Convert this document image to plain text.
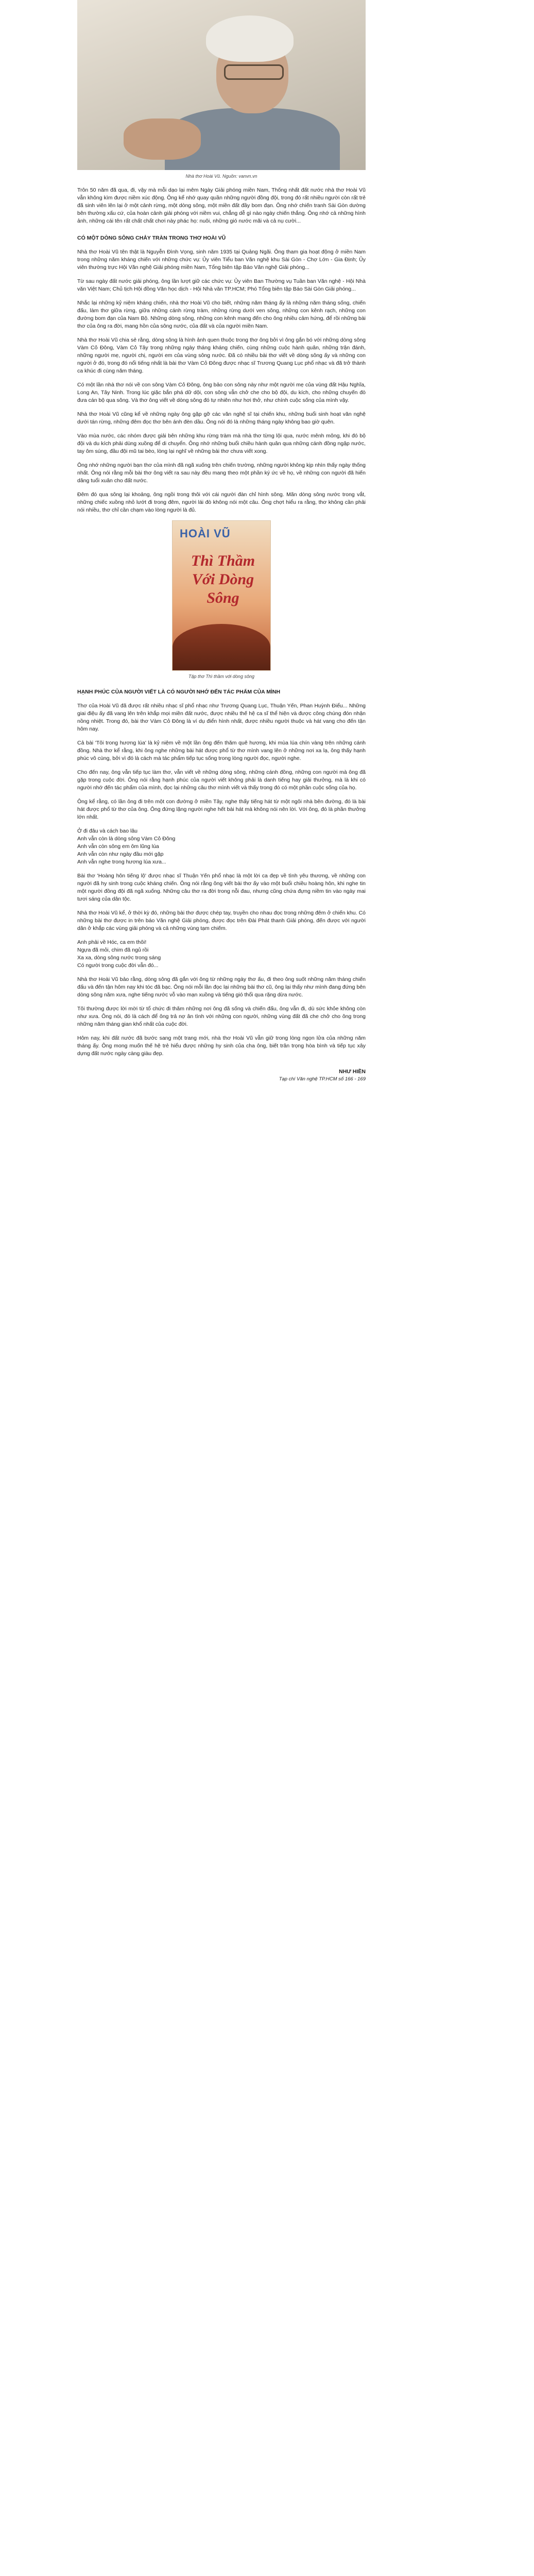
Nhà thơ Hoài Vũ. Nguồn: vanvn.vn

Trôn 50 năm đã qua, đi, vậy mà mỗi dạo lại mêm Ngày Giải phóng miền Nam, Thống nhất đất nước nhà thơ Hoài Vũ vẫn không kìm được niềm xúc động. Ông kể nhớ quay quần những người đồng đội, trong đó rất nhiều người còn rất trẻ đã sinh viên lên lại ở một cảnh rừng, một dòng sông, một miền đất đầy bom đạn. Ông nhớ chiến tranh Sài Gòn dường bên thường xấu cứ, của hoàn cảnh giải phóng với niềm vui, chẳng dễ gì nào ngày chiến thắng. Ông nhớ cả những hình ảnh, những cái tên rất chất chất chơi này phác họ: nuôi, những gió nước mãi và cả nụ cười...

CÓ MỘT DÒNG SÔNG CHẢY TRÀN TRONG THƠ HOÀI VŨ

Nhà thơ Hoài Vũ tên thật là Nguyễn Đình Vọng, sinh năm 1935 tại Quảng Ngãi. Ông tham gia hoạt động ở miền Nam trong những năm kháng chiến với những chức vụ: Ủy viên Tiểu ban Văn nghệ khu Sài Gòn - Chợ Lớn - Gia Định; Ủy viên thường trực Hội Văn nghệ Giải phóng miền Nam, Tổng biên tập Báo Văn nghệ Giải phóng...

Từ sau ngày đất nước giải phóng, ông lần lượt giữ các chức vụ: Ủy viên Ban Thường vụ Tuần ban Văn nghệ - Hội Nhà văn Việt Nam; Chủ tịch Hội đồng Văn học dịch - Hội Nhà văn TP.HCM; Phó Tổng biên tập Báo Sài Gòn Giải phóng...

Nhắc lại những kỷ niệm kháng chiến, nhà thơ Hoài Vũ cho biết, những năm tháng ấy là những năm tháng sống, chiến đấu, làm thơ giữa rừng, giữa những cánh rừng tràm, những rừng dưới ven sông, những con kênh rạch, những con đường bom đạn của Nam Bộ. Những dòng sông, những con kênh mang đến cho ông nhiều cảm hứng, để rồi những bài thơ của ông ra đời, mang hồn của sông nước, của đất và của người miền Nam.

Nhà thơ Hoài Vũ chia sẻ rằng, dòng sông là hình ảnh quen thuộc trong thơ ông bởi vì ông gắn bó với những dòng sông Vàm Cỏ Đông, Vàm Cỏ Tây trong những ngày tháng kháng chiến, cùng những cuộc hành quân, những trận đánh, những người mẹ, người chị, người em của vùng sông nước. Đã có nhiều bài thơ viết về dòng sông ấy và những con người ở đó, trong đó nổi tiếng nhất là bài thơ Vàm Cỏ Đông được nhạc sĩ Trương Quang Lục phổ nhạc và đã trở thành ca khúc đi cùng năm tháng.

Có một lần nhà thơ nói về con sông Vàm Cỏ Đông, ông bảo con sông này như một người mẹ của vùng đất Hậu Nghĩa, Long An, Tây Ninh. Trong lúc giặc bắn phá dữ dội, con sông vẫn chở che cho bộ đội, du kích, cho những chuyến đò đưa cán bộ qua sông. Và thơ ông viết về dòng sông đó tự nhiên như hơi thở, như chính cuộc sống của mình vậy.

Nhà thơ Hoài Vũ cũng kể về những ngày ông gặp gỡ các văn nghệ sĩ tại chiến khu, những buổi sinh hoạt văn nghệ dưới tán rừng, những đêm đọc thơ bên ánh đèn dầu. Ông nói đó là những tháng ngày không bao giờ quên.

Vào mùa nước, các nhóm được giải bên những khu rừng tràm mà nhà thơ từng lội qua, nước mênh mông, khi đó bộ đội và du kích phải dùng xuồng để di chuyển. Ông nhớ những buổi chiều hành quân qua những cánh đồng ngập nước, tay ôm súng, đầu đội mũ tai bèo, lòng lại nghĩ về những bài thơ chưa viết xong.

Ông nhớ những người bạn thơ của mình đã ngã xuống trên chiến trường, những người không kịp nhìn thấy ngày thống nhất. Ông nói rằng mỗi bài thơ ông viết ra sau này đều mang theo một phần ký ức về họ, về những con người đã hiến dâng tuổi xuân cho đất nước.

Đêm đó qua sông lại khoảng, ông ngồi trong thôi với cái người đàn chỉ hình sông. Mãn dòng sông nước trong vắt, những chiếc xuồng nhỏ lướt đi trong đêm, người lái đò không nói một câu. Ông chợt hiểu ra rằng, thơ không cần phải nói nhiều, thơ chỉ cần chạm vào lòng người là đủ.

HOÀI VŨ
Thì Thầm Với Dòng Sông
Tập thơ Thì thầm với dòng sông
HẠNH PHÚC CỦA NGƯỜI VIẾT LÀ CÓ NGƯỜI NHỚ ĐẾN TÁC PHẨM CỦA MÌNH

Thơ của Hoài Vũ đã được rất nhiều nhạc sĩ phổ nhạc như Trương Quang Lục, Thuận Yến, Phan Huỳnh Điểu... Những giai điệu ấy đã vang lên trên khắp mọi miền đất nước, được nhiều thế hệ ca sĩ thể hiện và được công chúng đón nhận nồng nhiệt. Trong đó, bài thơ Vàm Cỏ Đông là ví dụ điển hình nhất, được nhiều người thuộc và hát vang cho đến tận hôm nay.

Cả bài 'Tôi trong hương lúa' là kỷ niệm về một lần ông đến thăm quê hương, khi mùa lúa chín vàng trên những cánh đồng. Nhà thơ kể rằng, khi ông nghe những bài hát được phổ từ thơ mình vang lên ở những nơi xa lạ, ông thấy hạnh phúc vô cùng, bởi vì đó là cách mà tác phẩm tiếp tục sống trong lòng người đọc, người nghe.

Cho đến nay, ông vẫn tiếp tục làm thơ, vẫn viết về những dòng sông, những cánh đồng, những con người mà ông đã gặp trong cuộc đời. Ông nói rằng hạnh phúc của người viết không phải là danh tiếng hay giải thưởng, mà là khi có người nhớ đến tác phẩm của mình, đọc lại những câu thơ mình viết và thấy trong đó có một phần cuộc sống của họ.

Ông kể rằng, có lần ông đi trên một con đường ở miền Tây, nghe thấy tiếng hát từ một ngôi nhà bên đường, đó là bài hát được phổ từ thơ của ông. Ông đứng lặng người nghe hết bài hát mà không nói nên lời. Với ông, đó là phần thưởng lớn nhất.

Ở đi đâu và cách bao lâu

Anh vẫn còn là dòng sông Vàm Cỏ Đông

Anh vẫn còn sông em ôm lũng lúa

Anh vẫn còn như ngày đầu mới gặp

Anh vẫn nghe trong hương lúa xưa...

Bài thơ 'Hoàng hôn tiếng lộ' được nhạc sĩ Thuận Yến phổ nhạc là một lời ca đẹp về tình yêu thương, về những con người đã hy sinh trong cuộc kháng chiến. Ông nói rằng ông viết bài thơ ấy vào một buổi chiều hoàng hôn, khi nghe tin một người đồng đội đã ngã xuống. Những câu thơ ra đời trong nỗi đau, nhưng cũng chứa đựng niềm tin vào ngày mai tươi sáng của dân tộc.

Nhà thơ Hoài Vũ kể, ở thời kỳ đó, những bài thơ được chép tay, truyền cho nhau đọc trong những đêm ở chiến khu. Có những bài thơ được in trên báo Văn nghệ Giải phóng, được đọc trên Đài Phát thanh Giải phóng, đến được với người dân ở khắp các vùng giải phóng và cả những vùng tạm chiếm.

Anh phải về Hóc, ca em thôi!

Ngựa đã mỏi, chim đã ngủ rồi

Xa xa, dòng sông nước trong sáng

Có người trong cuộc đời vẫn đó...

Nhà thơ Hoài Vũ bảo rằng, dòng sông đã gắn với ông từ những ngày thơ ấu, đi theo ông suốt những năm tháng chiến đấu và đến tận hôm nay khi tóc đã bạc. Ông nói mỗi lần đọc lại những bài thơ cũ, ông lại thấy như mình đang đứng bên dòng sông năm xưa, nghe tiếng nước vỗ vào mạn xuồng và tiếng gió thổi qua rặng dừa nước.

Tôi thường được lời mời từ tổ chức đi thăm những nơi ông đã sống và chiến đấu, ông vẫn đi, dù sức khỏe không còn như xưa. Ông nói, đó là cách để ông trả nợ ân tình với những con người, những vùng đất đã che chở cho ông trong những năm tháng gian khổ nhất của cuộc đời.

Hôm nay, khi đất nước đã bước sang một trang mới, nhà thơ Hoài Vũ vẫn giữ trong lòng ngọn lửa của những năm tháng ấy. Ông mong muốn thế hệ trẻ hiểu được những hy sinh của cha ông, biết trân trọng hòa bình và tiếp tục xây dựng đất nước ngày càng giàu đẹp.

NHƯ HIỀN
Tạp chí Văn nghệ TP.HCM số 166 - 169
